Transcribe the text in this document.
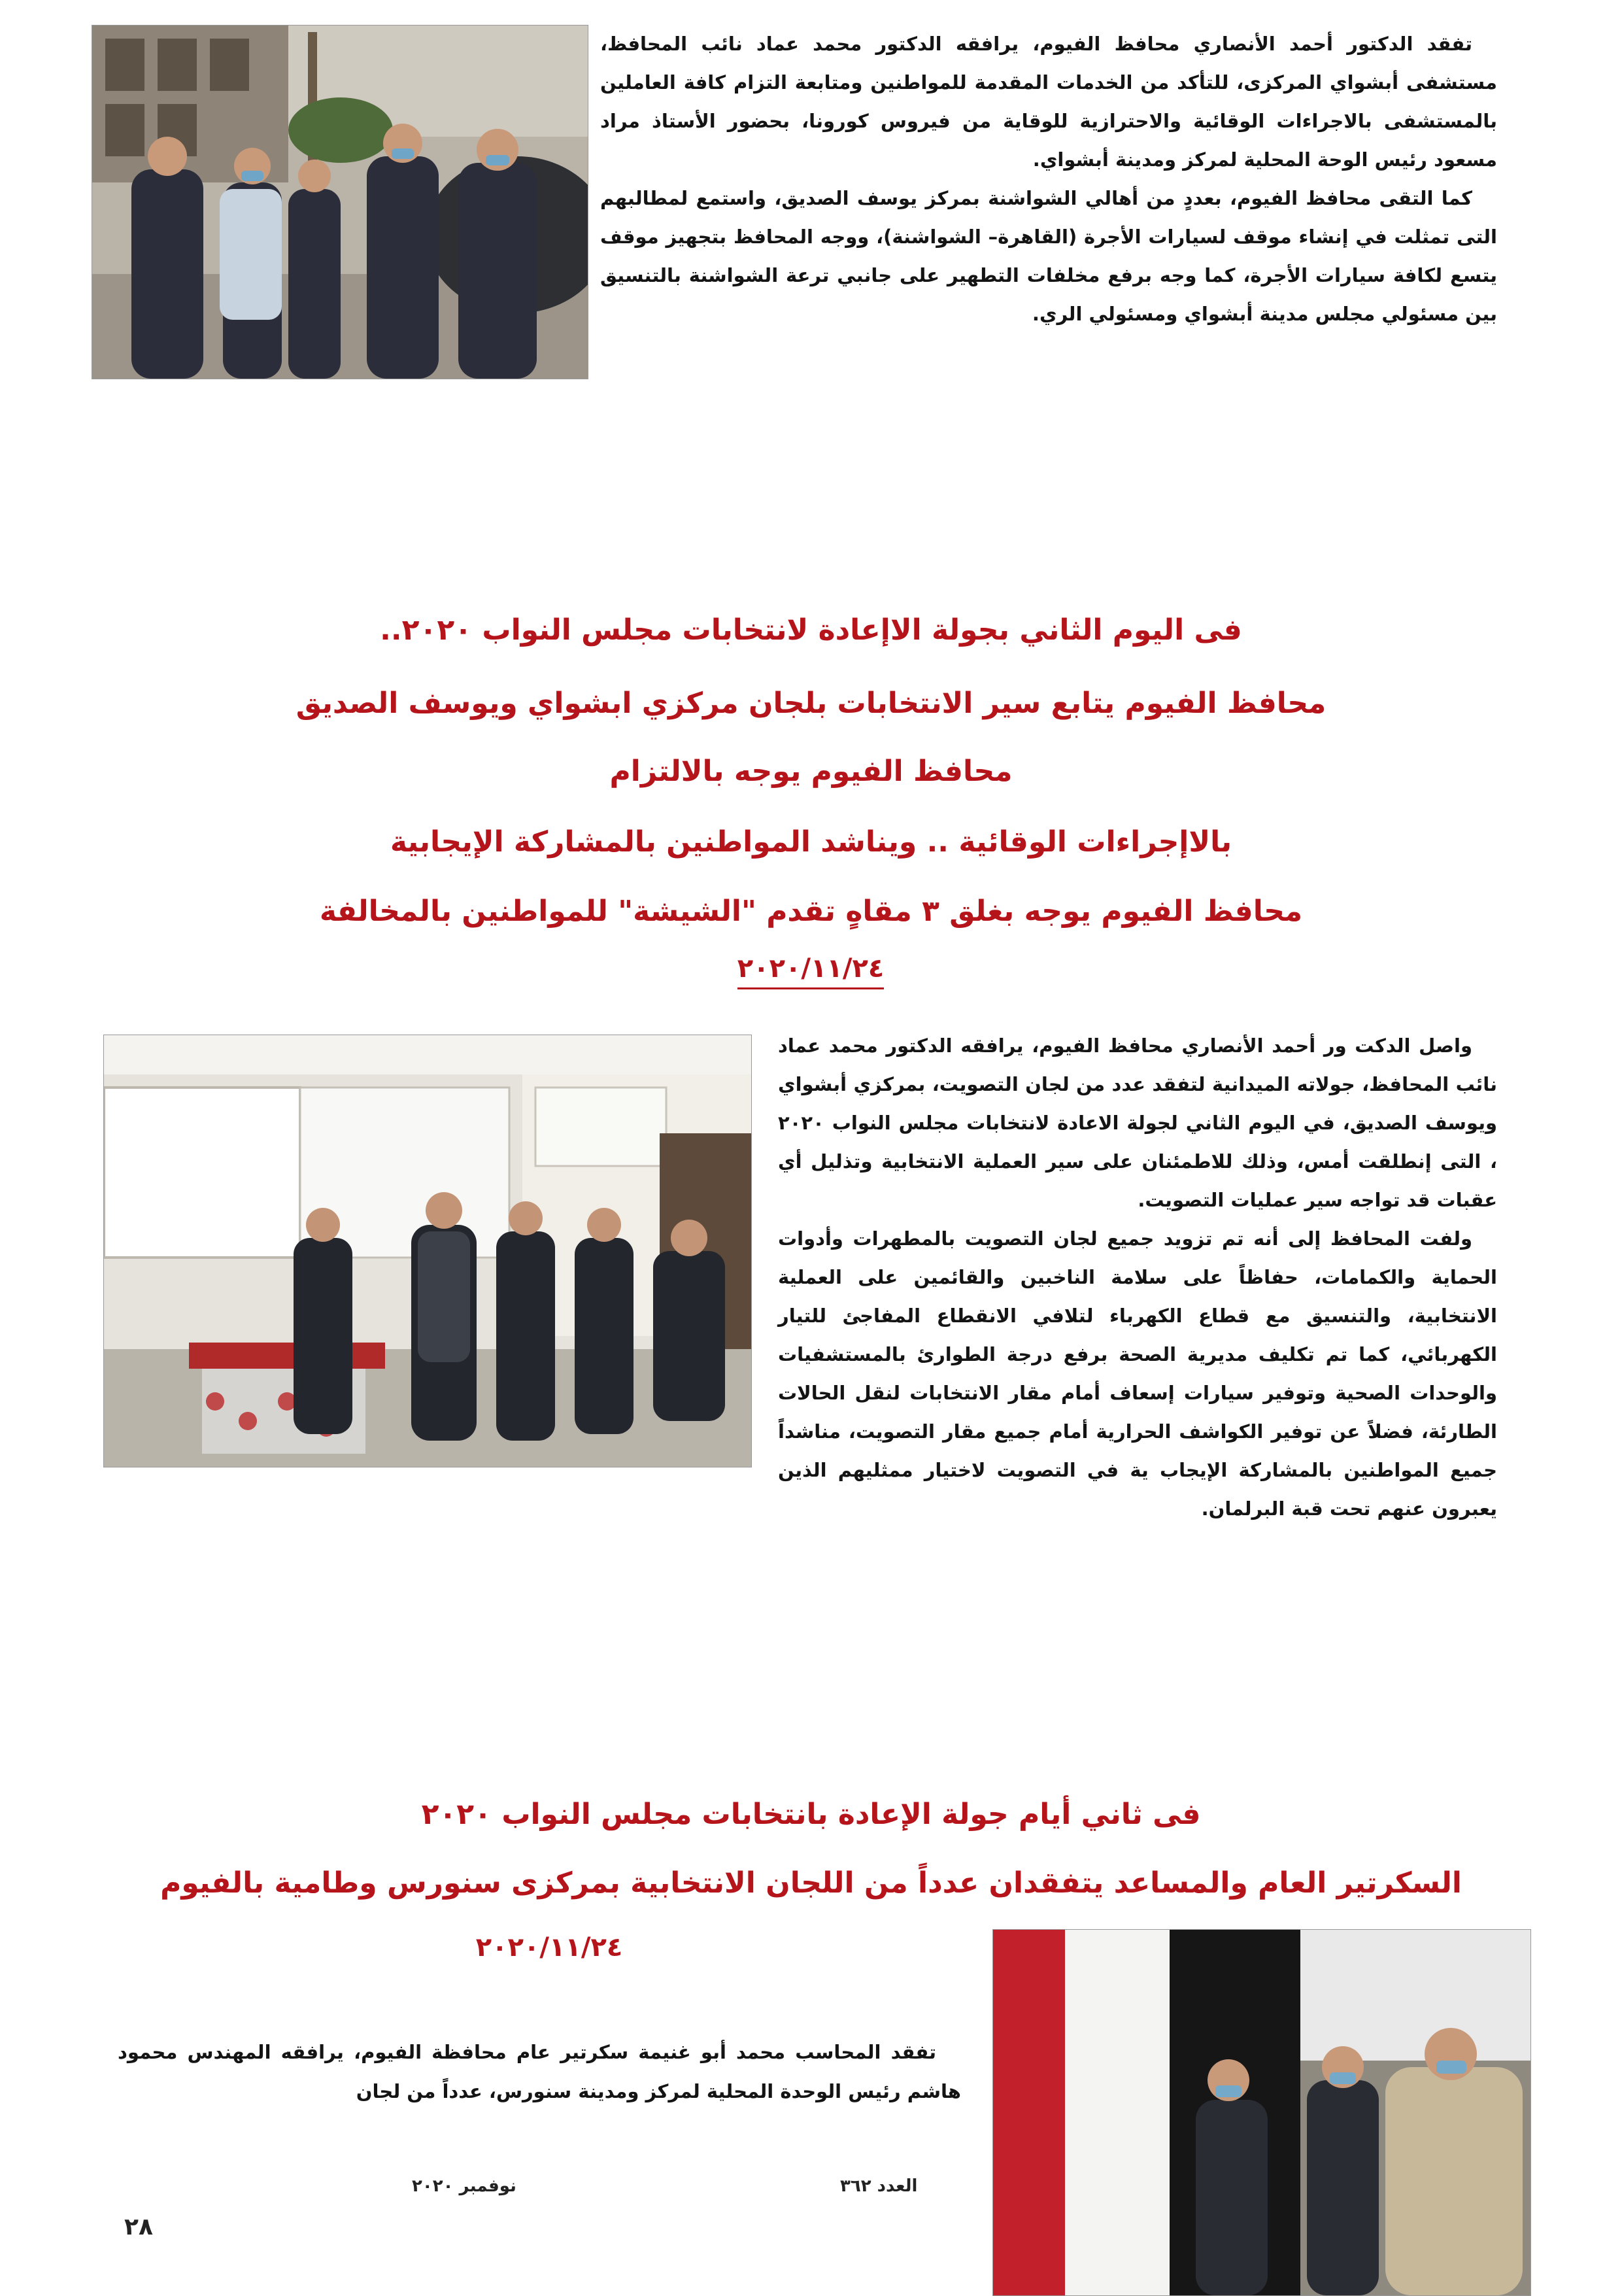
تفقد الدكتور أحمد الأنصاري محافظ الفيوم، يرافقه الدكتور محمد عماد نائب المحافظ، مستشفى أبشواي المركزى، للتأكد من الخدمات المقدمة للمواطنين ومتابعة التزام كافة العاملين بالمستشفى بالاجراءات الوقائية والاحترازية للوقاية من فيروس كورونا، بحضور الأستاذ مراد مسعود رئيس الوحة المحلية لمركز ومدينة أبشواي.

كما التقى محافظ الفيوم، بعددٍ من أهالي الشواشنة بمركز يوسف الصديق، واستمع لمطالبهم التى تمثلت في إنشاء موقف لسيارات الأجرة (القاهرة– الشواشنة)، ووجه المحافظ بتجهيز موقف يتسع لكافة سيارات الأجرة، كما وجه برفع مخلفات التطهير على جانبي ترعة الشواشنة بالتنسيق بين مسئولي مجلس مدينة أبشواي ومسئولي الري.

فى اليوم الثاني بجولة الاإعادة لانتخابات مجلس النواب ٢٠٢٠..
محافظ الفيوم يتابع سير الانتخابات بلجان مركزي ابشواي ويوسف الصديق
محافظ الفيوم يوجه بالالتزام
بالاإجراءات الوقائية .. ويناشد المواطنين بالمشاركة الإيجابية
محافظ الفيوم يوجه بغلق ٣ مقاهٍ تقدم "الشيشة" للمواطنين بالمخالفة
٢٠٢٠/١١/٢٤

واصل الدكت ور أحمد الأنصاري محافظ الفيوم، يرافقه الدكتور محمد عماد نائب المحافظ، جولاته الميدانية لتفقد عدد من لجان التصويت، بمركزي أبشواي ويوسف الصديق، في اليوم الثاني لجولة الاعادة لانتخابات مجلس النواب ٢٠٢٠ ، التى إنطلقت أمس، وذلك للاطمئنان على سير العملية الانتخابية وتذليل أي عقبات قد تواجه سير عمليات التصويت.

ولفت المحافظ إلى أنه تم تزويد جميع لجان التصويت بالمطهرات وأدوات الحماية والكمامات، حفاظاً على سلامة الناخبين والقائمين على العملية الانتخابية، والتنسيق مع قطاع الكهرباء لتلافي الانقطاع المفاجئ للتيار الكهربائي، كما تم تكليف مديرية الصحة برفع درجة الطوارئ بالمستشفيات والوحدات الصحية وتوفير سيارات إسعاف أمام مقار الانتخابات لنقل الحالات الطارئة، فضلاً عن توفير الكواشف الحرارية أمام جميع مقار التصويت، مناشداً جميع المواطنين بالمشاركة الإيجاب ية في التصويت لاختيار ممثليهم الذين يعبرون عنهم تحت قبة البرلمان.

فى ثاني أيام جولة الإعادة بانتخابات مجلس النواب ٢٠٢٠
السكرتير العام والمساعد يتفقدان عدداً من اللجان الانتخابية بمركزى سنورس وطامية بالفيوم
٢٠٢٠/١١/٢٤

تفقد المحاسب محمد أبو غنيمة سكرتير عام محافظة الفيوم، يرافقه المهندس محمود هاشم رئيس الوحدة المحلية لمركز ومدينة سنورس، عدداً من لجان

العدد ٣٦٢
نوفمبر ٢٠٢٠
٢٨
